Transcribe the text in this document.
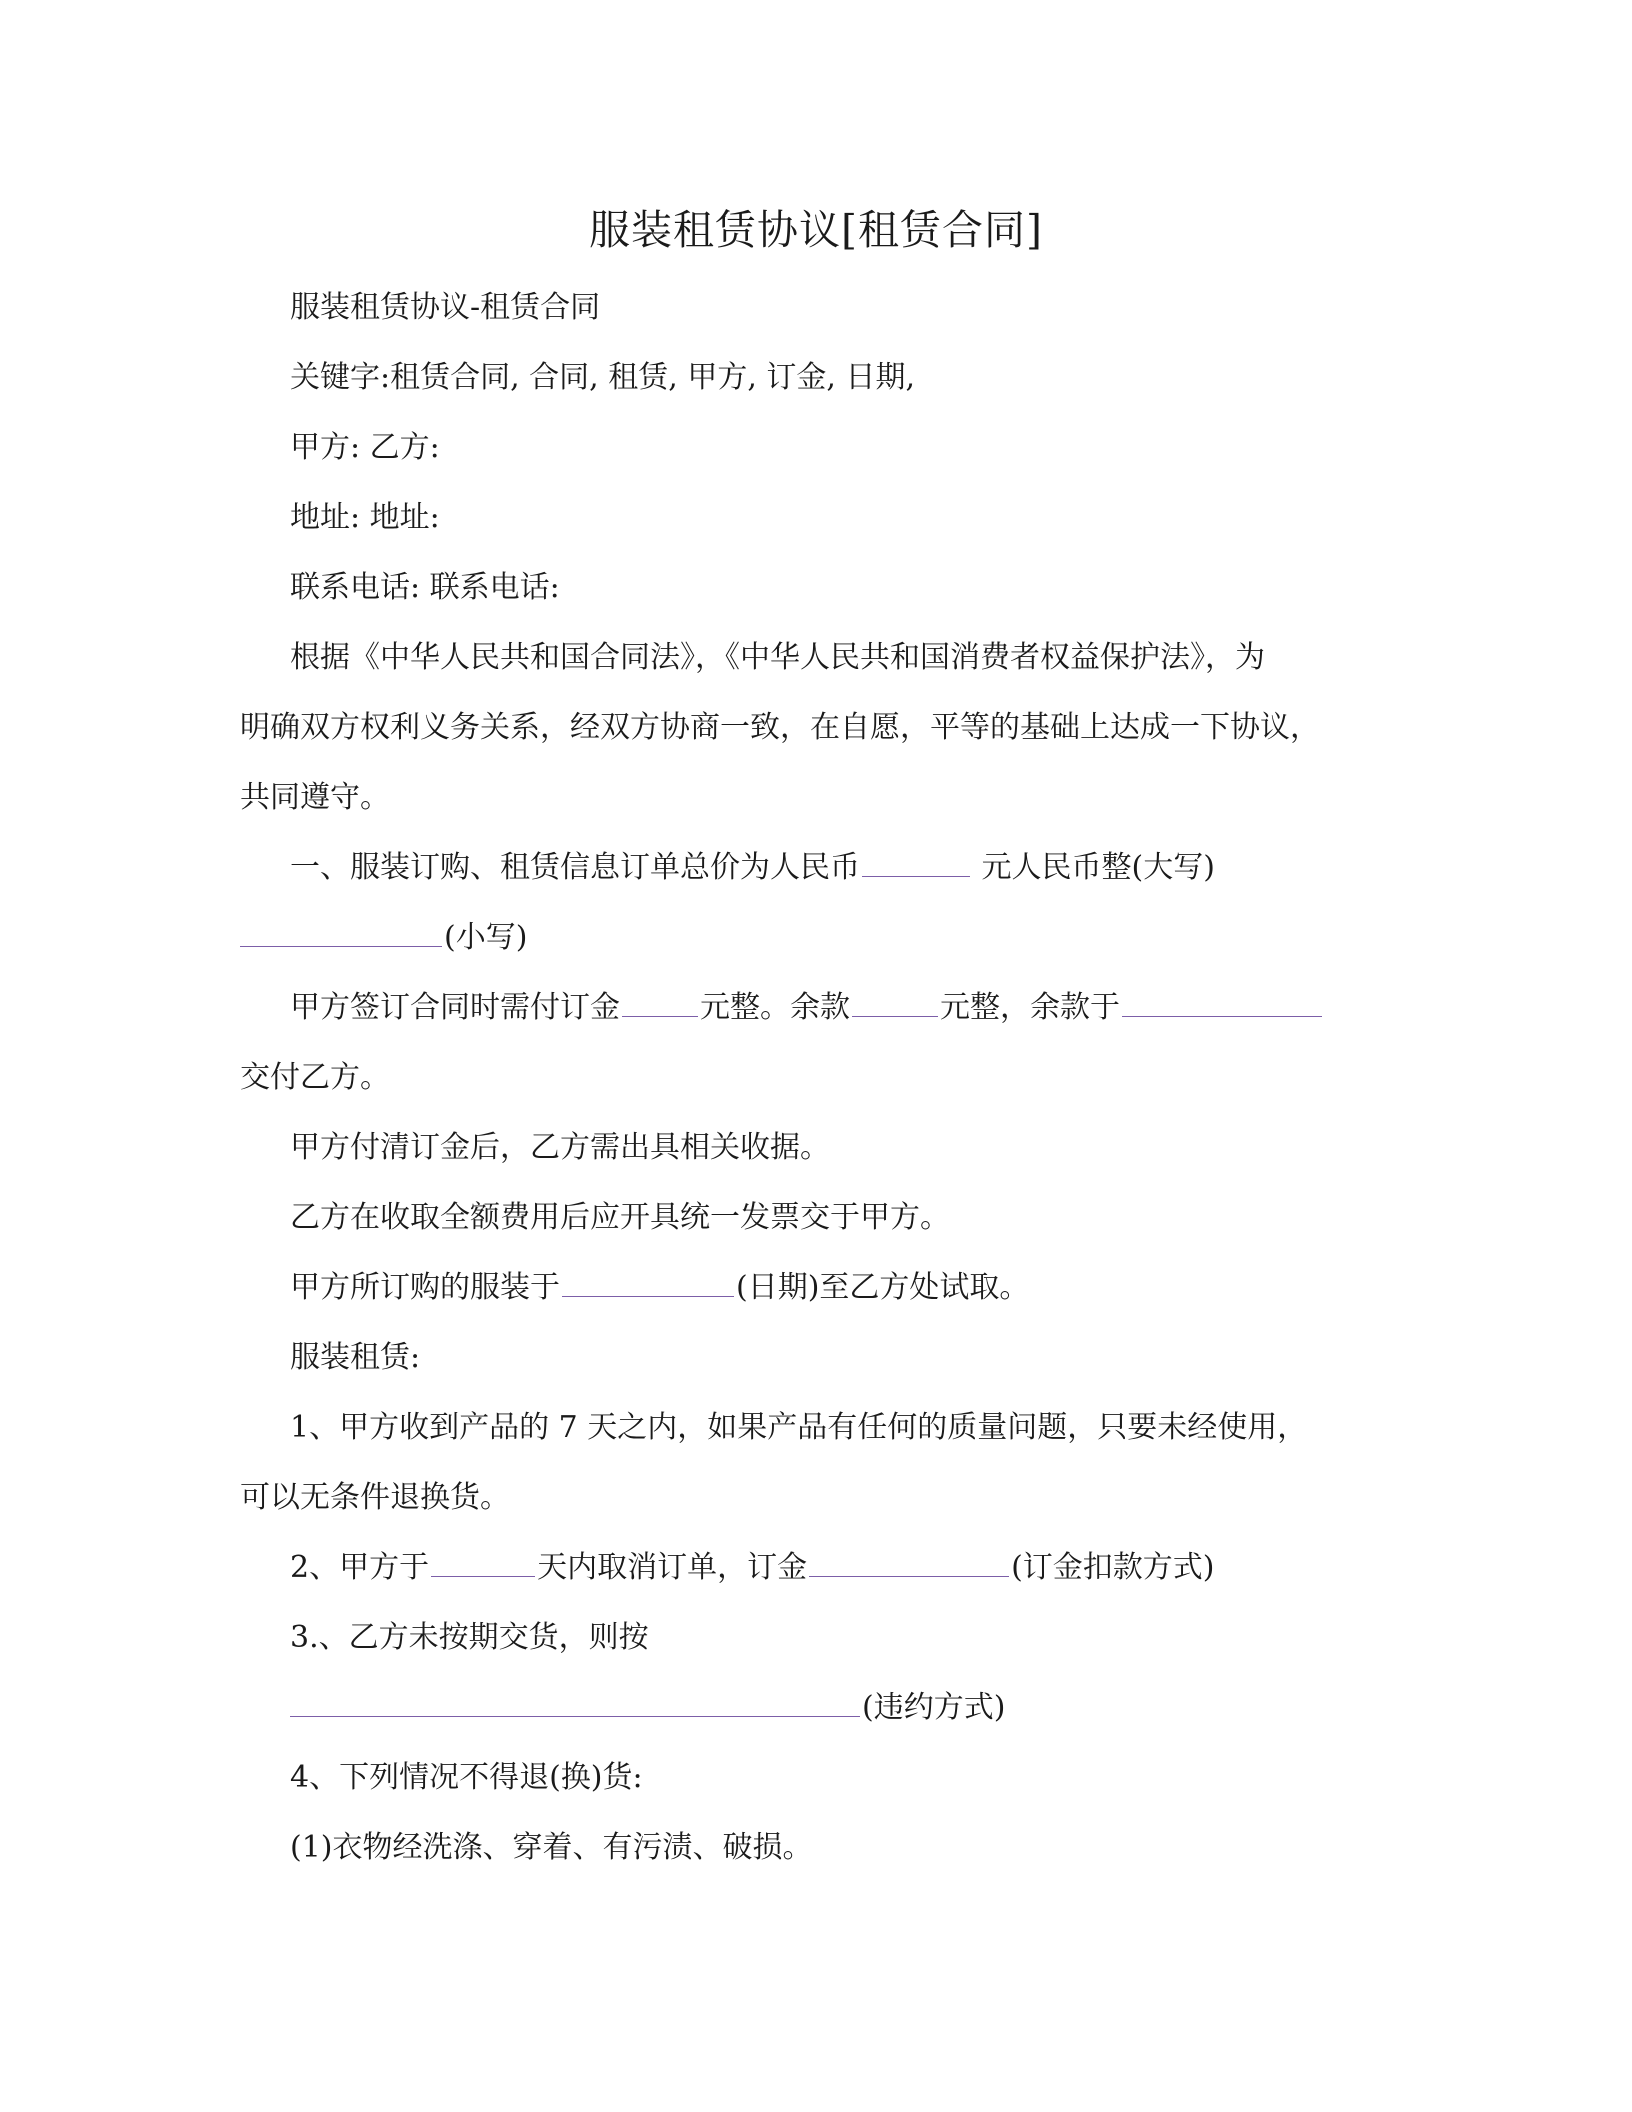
服装租赁协议[租赁合同]
服装租赁协议-租赁合同
关键字:租赁合同, 合同, 租赁, 甲方, 订金, 日期,
甲方: 乙方:
地址: 地址:
联系电话: 联系电话:
根据《中华人民共和国合同法》，《中华人民共和国消费者权益保护法》，为
明确双方权利义务关系，经双方协商一致，在自愿，平等的基础上达成一下协议，
共同遵守。
一、服装订购、租赁信息订单总价为人民币	元人民币整(大写)
(小写)
甲方签订合同时需付订金	元整。余款	元整，余款于
交付乙方。
甲方付清订金后，乙方需出具相关收据。
乙方在收取全额费用后应开具统一发票交于甲方。
甲方所订购的服装于	(日期)至乙方处试取。
服装租赁:
1、甲方收到产品的 7 天之内，如果产品有任何的质量问题，只要未经使用，
可以无条件退换货。
2、甲方于	天内取消订单，订金	(订金扣款方式)
3.、乙方未按期交货，则按
(违约方式)
4、下列情况不得退(换)货:
(1)衣物经洗涤、穿着、有污渍、破损。
